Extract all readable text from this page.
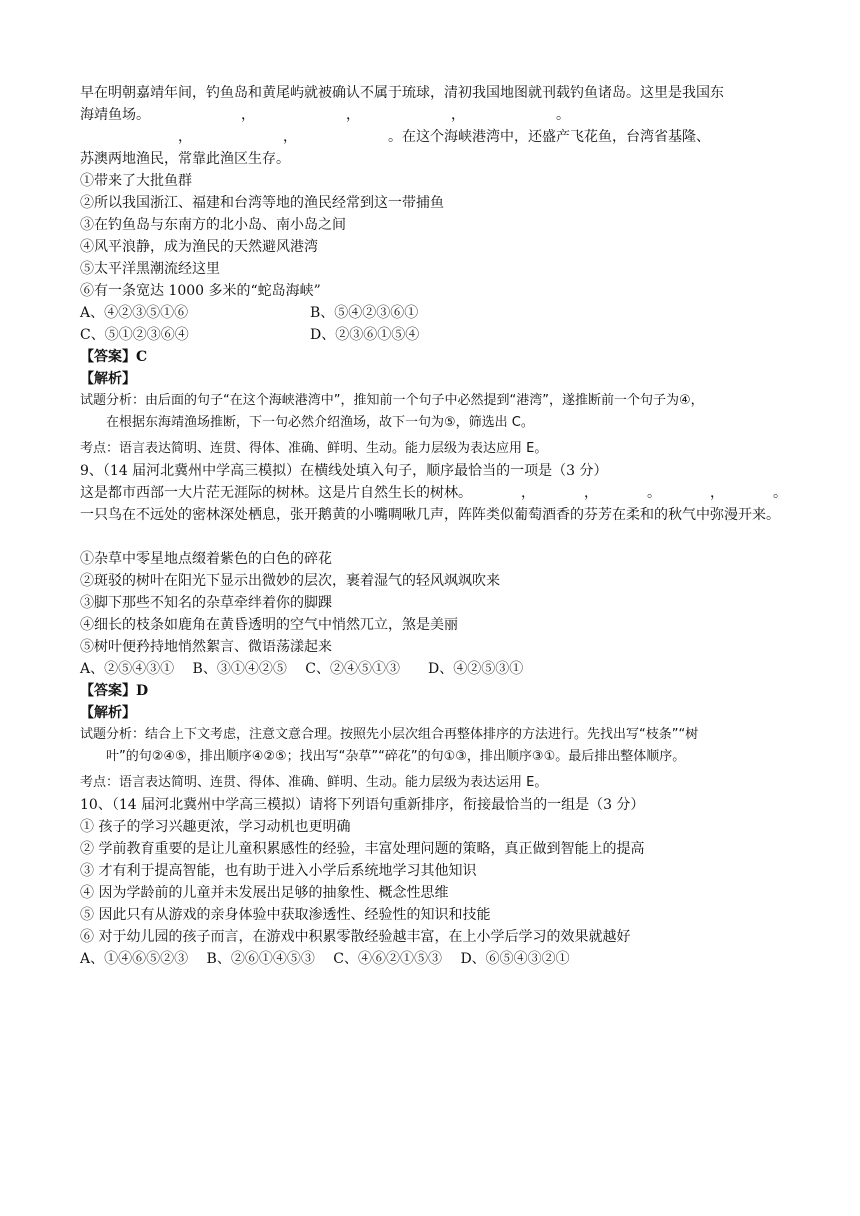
早在明朝嘉靖年间，钓鱼岛和黄尾屿就被确认不属于琉球，清初我国地图就刊载钓鱼诸岛。这里是我国东
海靖鱼场。　　　　　　　，　　　　　　　，　　　　　　　，　　　　　　　。
　　　　　　　，　　　　　　　，　　　　　　　。在这个海峡港湾中，还盛产飞花鱼，台湾省基隆、
苏澳两地渔民，常靠此渔区生存。
①带来了大批鱼群
②所以我国浙江、福建和台湾等地的渔民经常到这一带捕鱼
③在钓鱼岛与东南方的北小岛、南小岛之间
④风平浪静，成为渔民的天然避风港湾
⑤太平洋黑潮流经这里
⑥有一条宽达 1000 多米的“蛇岛海峡”
A、④②③⑤①⑥	B、⑤④②③⑥①
C、⑤①②③⑥④	D、②③⑥①⑤④
【答案】C
【解析】
试题分析：由后面的句子“在这个海峡港湾中”，推知前一个句子中必然提到“港湾”，遂推断前一个句子为④，
在根据东海靖渔场推断，下一句必然介绍渔场，故下一句为⑤，筛选出 C。
考点：语言表达简明、连贯、得体、准确、鲜明、生动。能力层级为表达应用 E。
9、（14 届河北冀州中学高三模拟）在横线处填入句子，顺序最恰当的一项是（3 分）
这是都市西部一大片茫无涯际的树林。这是片自然生长的树林。　　　　，　　　　，　　　　。　　　　，　　　　。一只鸟在不远处的密林深处栖息，张开鹅黄的小嘴啁啾几声，阵阵类似葡萄酒香的芬芳在柔和的秋气中弥漫开来。
①杂草中零星地点缀着紫色的白色的碎花
②斑驳的树叶在阳光下显示出微妙的层次，裹着湿气的轻风飒飒吹来
③脚下那些不知名的杂草牵绊着你的脚踝
④细长的枝条如鹿角在黄昏透明的空气中悄然兀立，煞是美丽
⑤树叶便矜持地悄然絮言、微语荡漾起来
A、②⑤④③①　 B、③①④②⑤　 C、②④⑤①③　　D、④②⑤③①
【答案】D
【解析】
试题分析：结合上下文考虑，注意文意合理。按照先小层次组合再整体排序的方法进行。先找出写“枝条”“树
叶”的句②④⑤，排出顺序④②⑤；找出写“杂草”“碎花”的句①③，排出顺序③①。最后排出整体顺序。
考点：语言表达简明、连贯、得体、准确、鲜明、生动。能力层级为表达运用 E。
10、（14 届河北冀州中学高三模拟）请将下列语句重新排序，衔接最恰当的一组是（3 分）
① 孩子的学习兴趣更浓，学习动机也更明确
② 学前教育重要的是让儿童积累感性的经验，丰富处理问题的策略，真正做到智能上的提高
③ 才有利于提高智能，也有助于进入小学后系统地学习其他知识
④ 因为学龄前的儿童并未发展出足够的抽象性、概念性思维
⑤ 因此只有从游戏的亲身体验中获取渗透性、经验性的知识和技能
⑥ 对于幼儿园的孩子而言，在游戏中积累零散经验越丰富，在上小学后学习的效果就越好
A、①④⑥⑤②③　 B、②⑥①④⑤③　 C、④⑥②①⑤③　 D、⑥⑤④③②①
